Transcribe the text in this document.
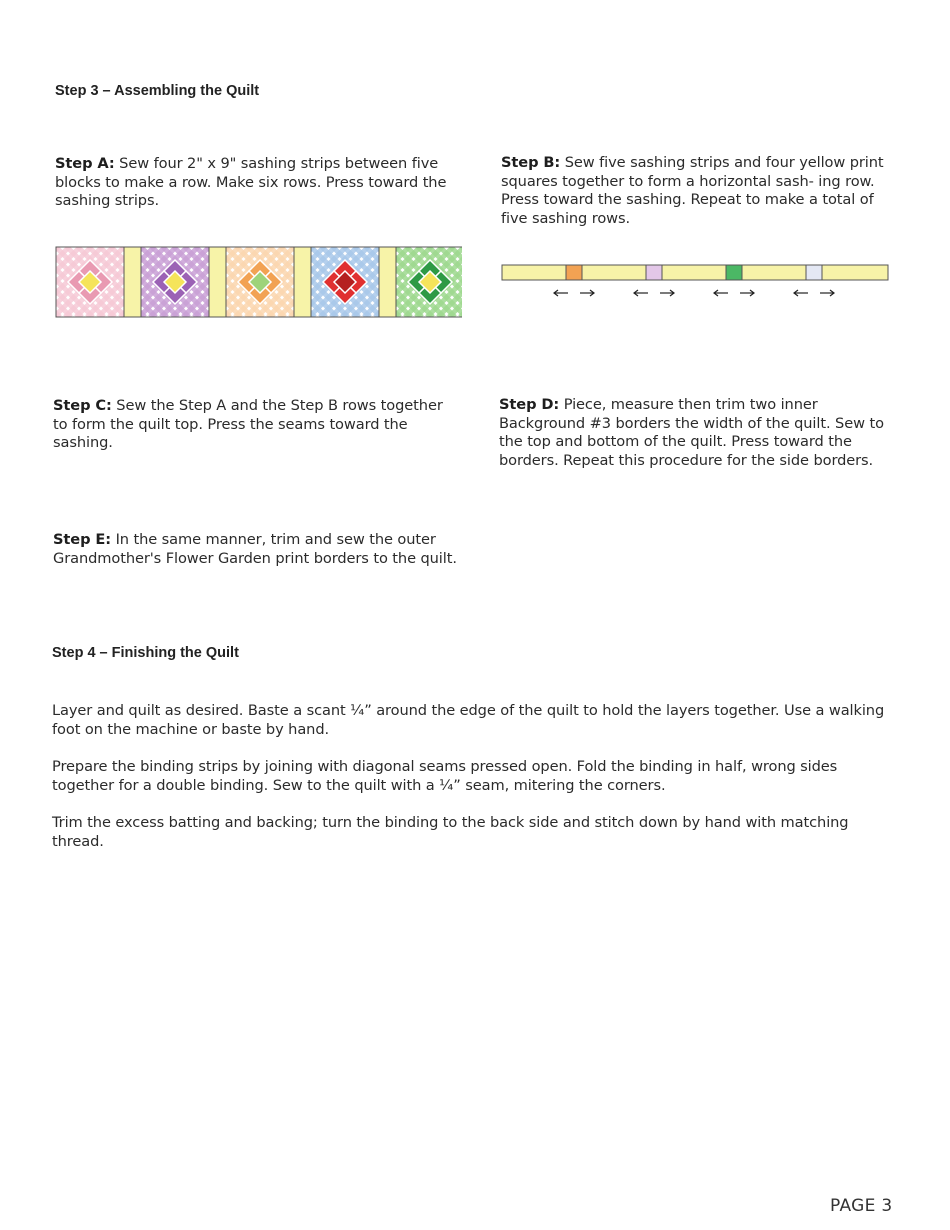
Step 3 – Assembling the Quilt
Step A: Sew four 2" x 9" sashing strips between five blocks to make a row. Make six rows. Press toward the sashing strips.
Step B: Sew five sashing strips and four yellow print squares together to form a horizontal sash- ing row. Press toward the sashing. Repeat to make a total of five sashing rows.
Step C: Sew the Step A and the Step B rows together to form the quilt top. Press the seams toward the sashing.
Step D: Piece, measure then trim two inner Background #3 borders the width of the quilt. Sew to the top and bottom of the quilt. Press toward the borders. Repeat this procedure for the side borders.
Step E: In the same manner, trim and sew the outer Grandmother's Flower Garden print borders to the quilt.
Step 4 – Finishing the Quilt
Layer and quilt as desired. Baste a scant ¼” around the edge of the quilt to hold the layers together. Use a walking foot on the machine or baste by hand.
Prepare the binding strips by joining with diagonal seams pressed open. Fold the binding in half, wrong sides together for a double binding. Sew to the quilt with a ¼” seam, mitering the corners.
Trim the excess batting and backing; turn the binding to the back side and stitch down by hand with matching thread.
PAGE 3
